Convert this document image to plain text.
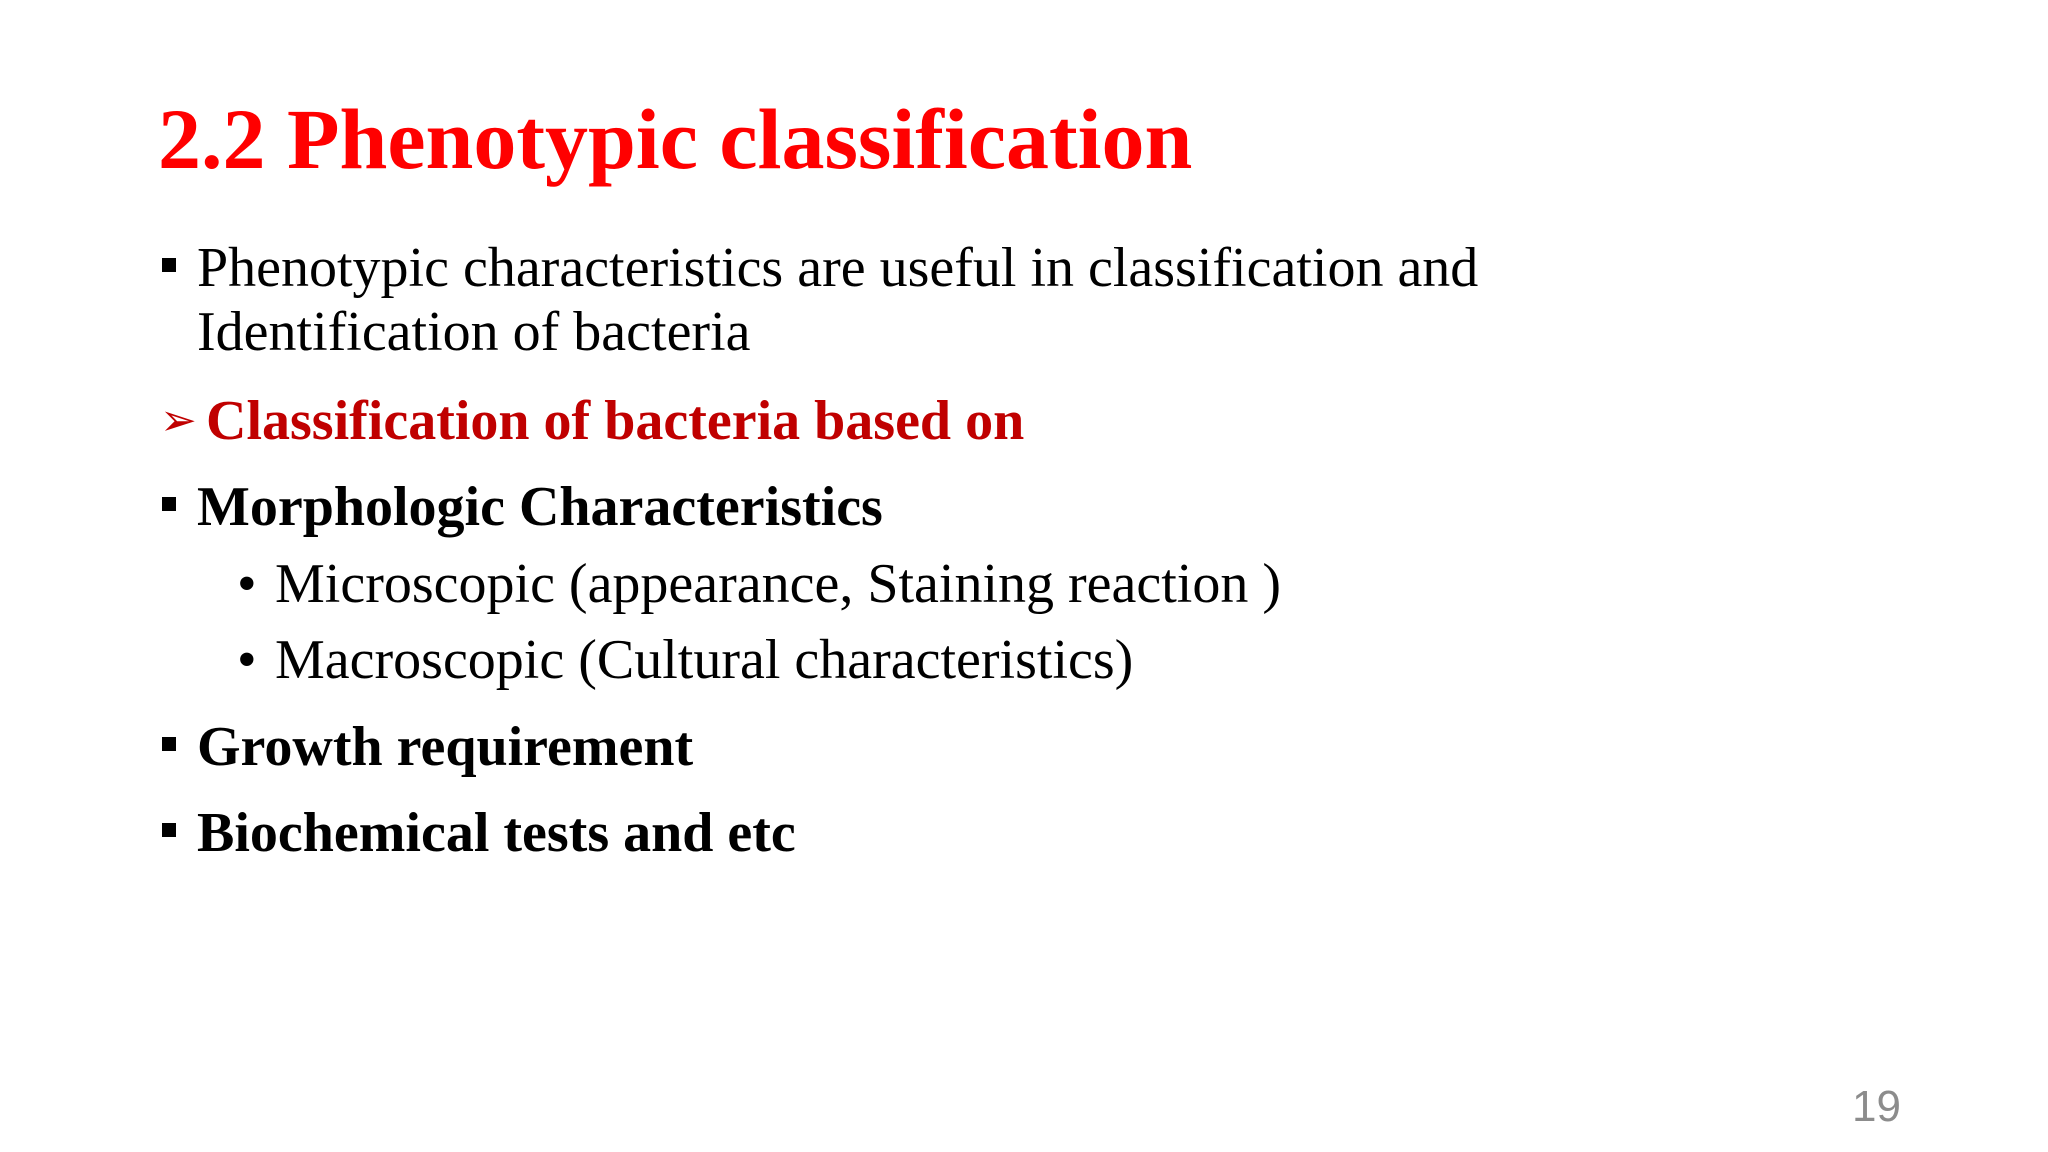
2.2 Phenotypic classification
Phenotypic characteristics are useful in classification and
Identification of bacteria
➢ Classification of bacteria based on
Morphologic Characteristics
• Microscopic (appearance, Staining reaction )
• Macroscopic (Cultural characteristics)
Growth requirement
Biochemical tests and etc
19
